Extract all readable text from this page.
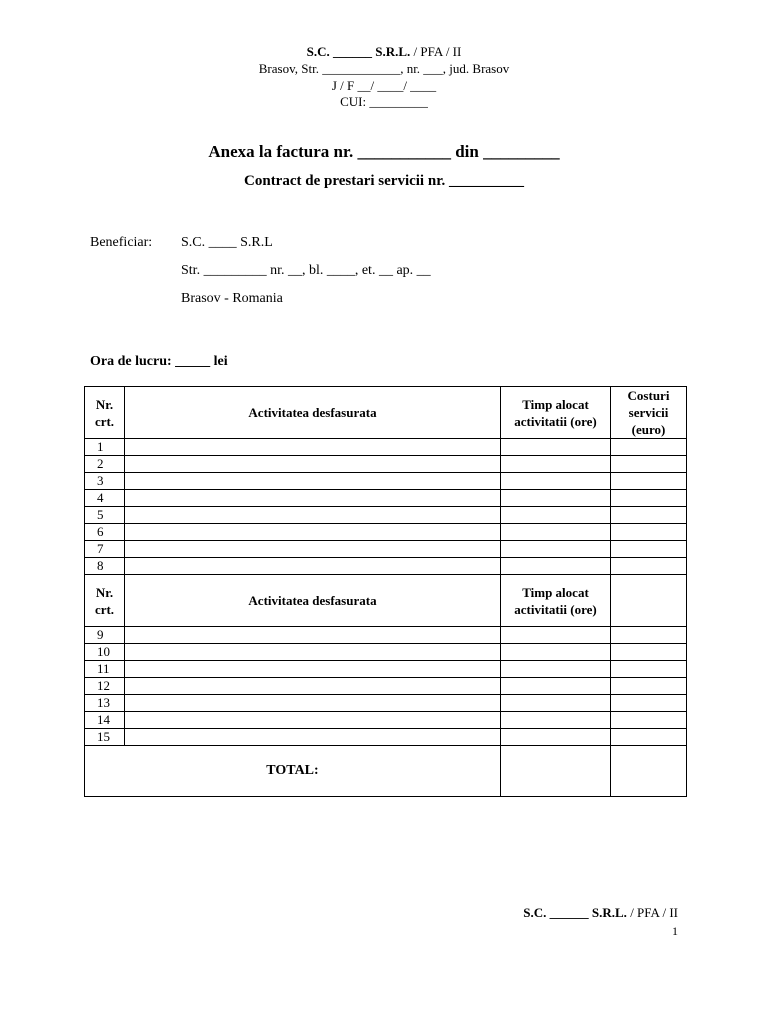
S.C. ______ S.R.L. / PFA / II
Brasov, Str. ____________, nr. ___, jud. Brasov
J / F __/ ____/ ____
CUI: _________
Anexa la factura nr. ___________ din _________
Contract de prestari servicii nr. __________
Beneficiar: S.C. ____ S.R.L
Str. _________ nr. __, bl. ____, et. __ ap. __
Brasov - Romania
Ora de lucru: _____ lei
Nr. crt.	Activitatea desfasurata	Timp alocat activitatii (ore)	Costuri servicii (euro)
1			
2			
3			
4			
5			
6			
7			
8			
Nr. crt.	Activitatea desfasurata	Timp alocat activitatii (ore)	
9			
10			
11			
12			
13			
14			
15			
TOTAL:			
S.C. ______ S.R.L. / PFA / II
1
